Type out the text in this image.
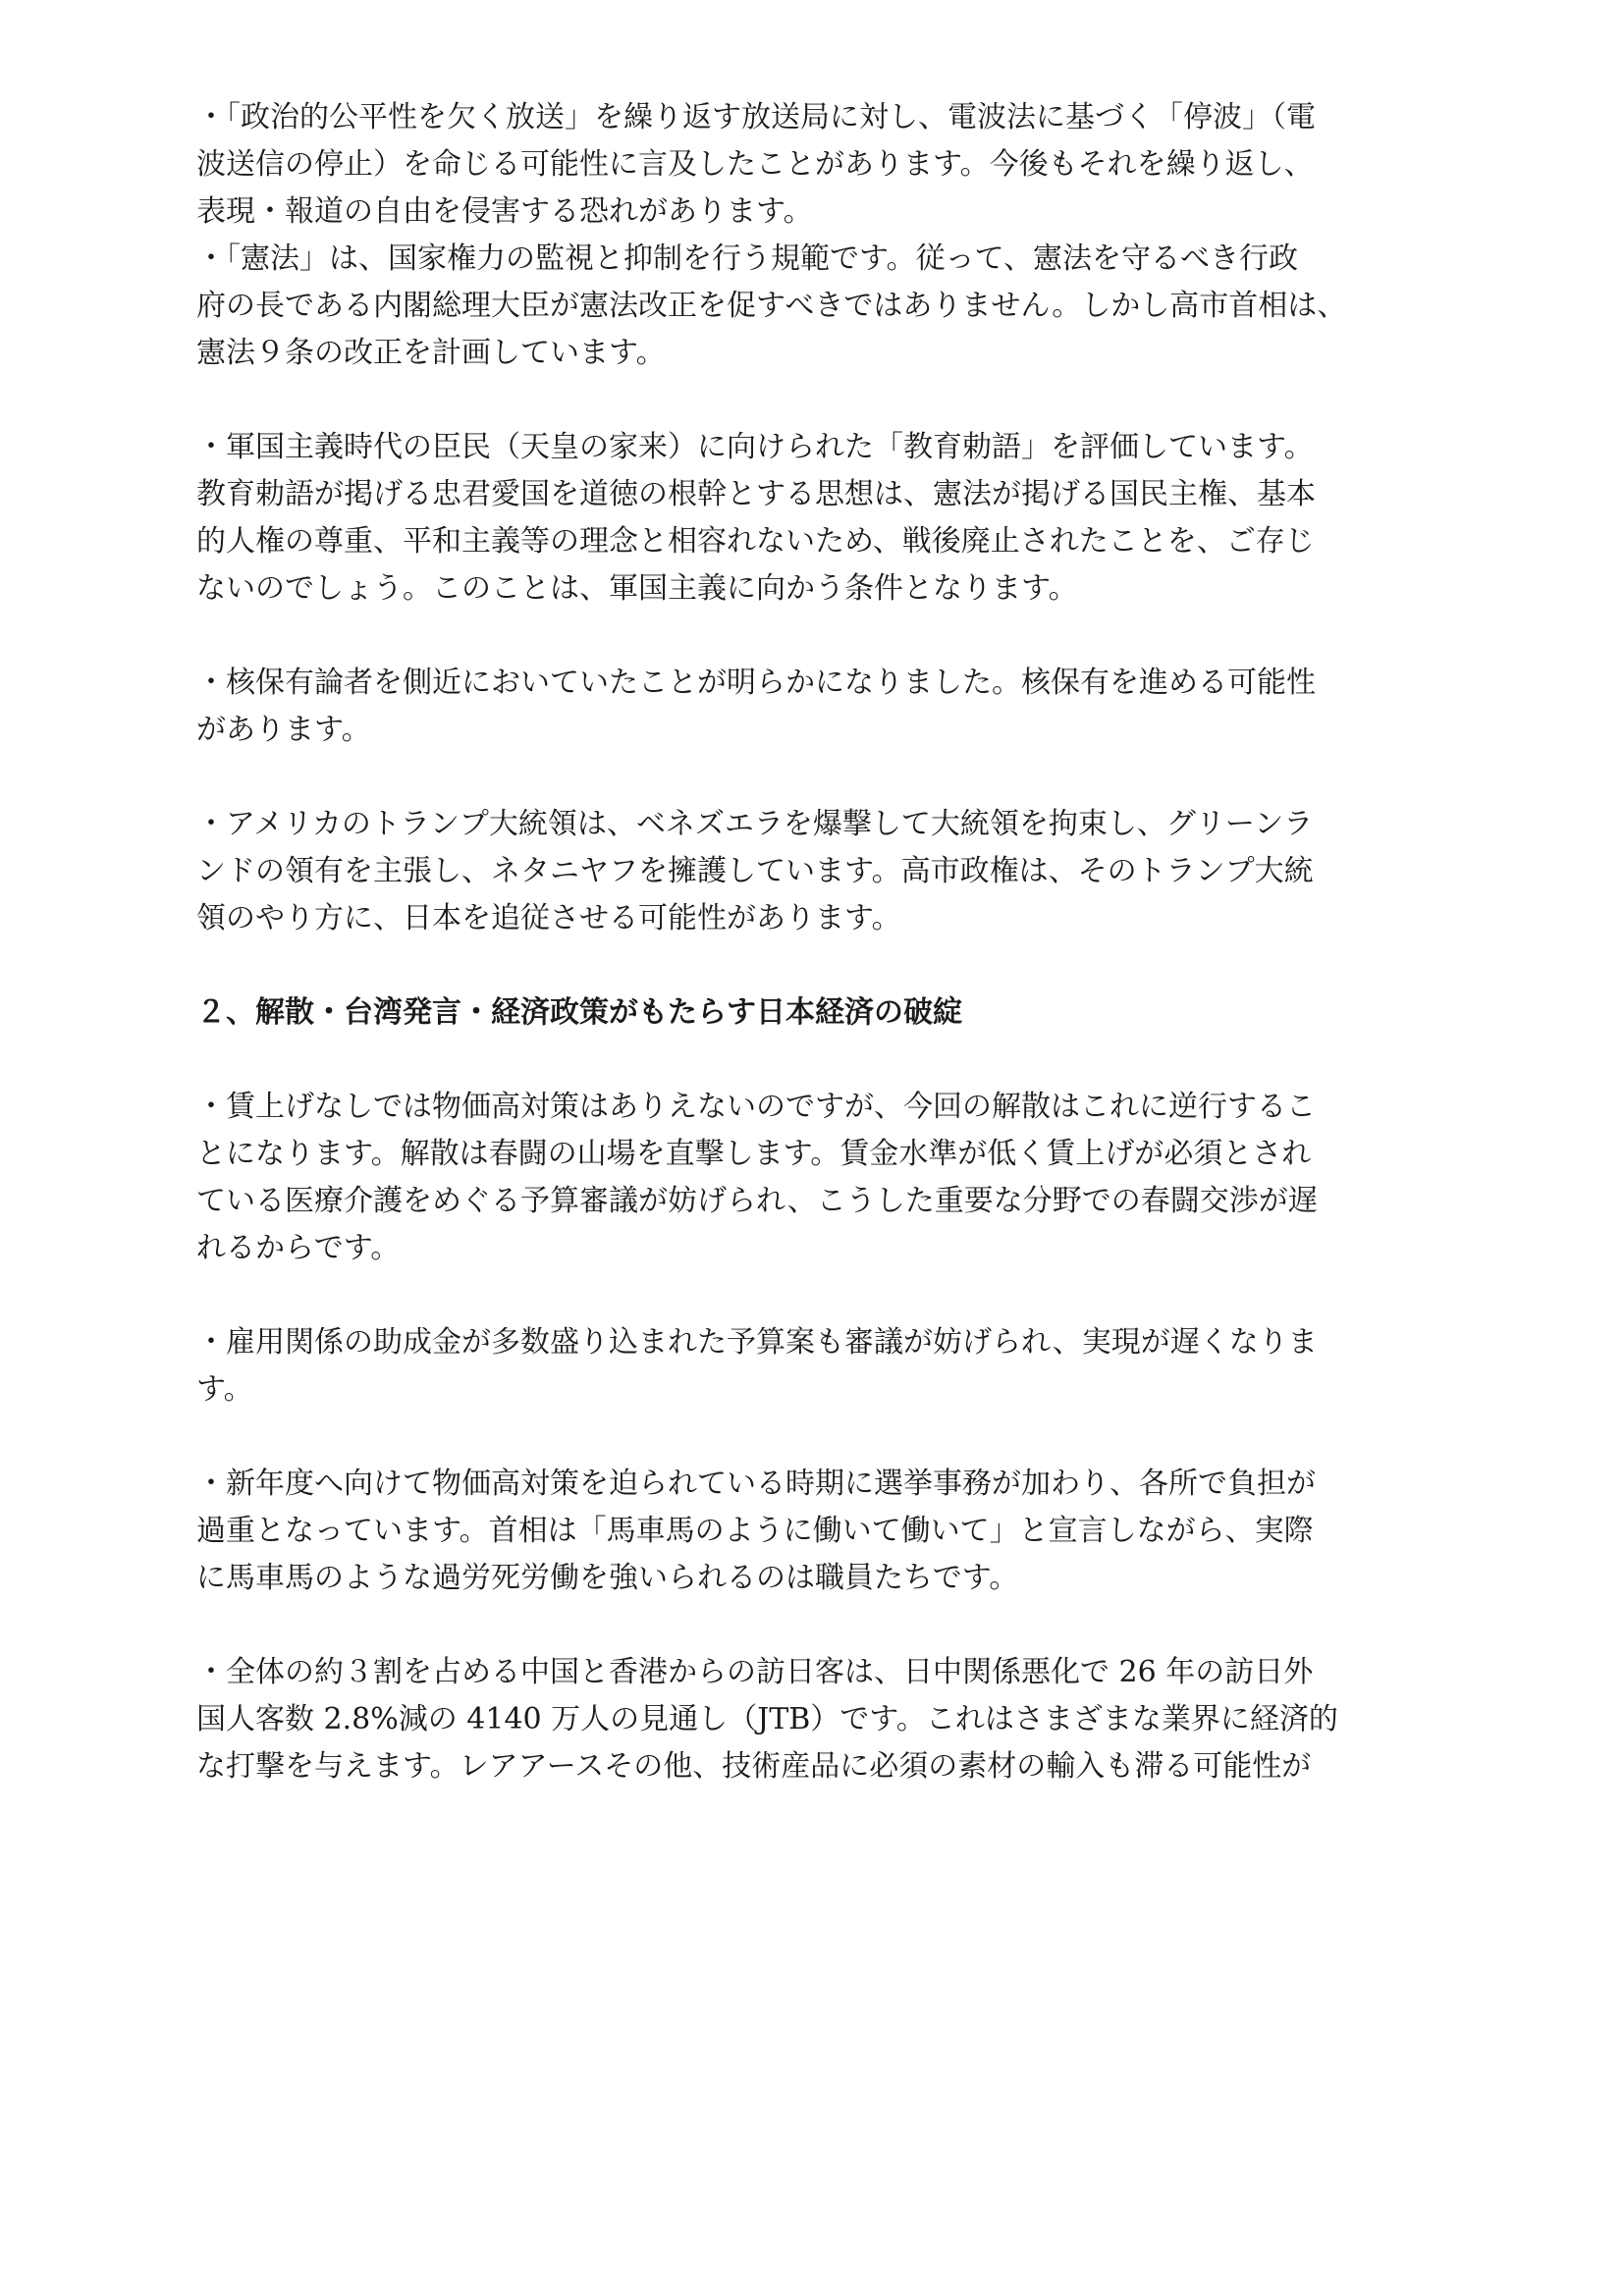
・「政治的公平性を欠く放送」を繰り返す放送局に対し、電波法に基づく「停波」（電
波送信の停止）を命じる可能性に言及したことがあります。今後もそれを繰り返し、
表現・報道の自由を侵害する恐れがあります。
・「憲法」は、国家権力の監視と抑制を行う規範です。従って、憲法を守るべき行政
府の長である内閣総理大臣が憲法改正を促すべきではありません。しかし高市首相は、
憲法９条の改正を計画しています。
・軍国主義時代の臣民（天皇の家来）に向けられた「教育勅語」を評価しています。
教育勅語が掲げる忠君愛国を道徳の根幹とする思想は、憲法が掲げる国民主権、基本
的人権の尊重、平和主義等の理念と相容れないため、戦後廃止されたことを、ご存じ
ないのでしょう。このことは、軍国主義に向かう条件となります。
・核保有論者を側近においていたことが明らかになりました。核保有を進める可能性
があります。
・アメリカのトランプ大統領は、ベネズエラを爆撃して大統領を拘束し、グリーンラ
ンドの領有を主張し、ネタニヤフを擁護しています。高市政権は、そのトランプ大統
領のやり方に、日本を追従させる可能性があります。
２、解散・台湾発言・経済政策がもたらす日本経済の破綻
・賃上げなしでは物価高対策はありえないのですが、今回の解散はこれに逆行するこ
とになります。解散は春闘の山場を直撃します。賃金水準が低く賃上げが必須とされ
ている医療介護をめぐる予算審議が妨げられ、こうした重要な分野での春闘交渉が遅
れるからです。
・雇用関係の助成金が多数盛り込まれた予算案も審議が妨げられ、実現が遅くなりま
す。
・新年度へ向けて物価高対策を迫られている時期に選挙事務が加わり、各所で負担が
過重となっています。首相は「馬車馬のように働いて働いて」と宣言しながら、実際
に馬車馬のような過労死労働を強いられるのは職員たちです。
・全体の約３割を占める中国と香港からの訪日客は、日中関係悪化で 26 年の訪日外
国人客数 2.8%減の 4140 万人の見通し（JTB）です。これはさまざまな業界に経済的
な打撃を与えます。レアアースその他、技術産品に必須の素材の輸入も滞る可能性が
